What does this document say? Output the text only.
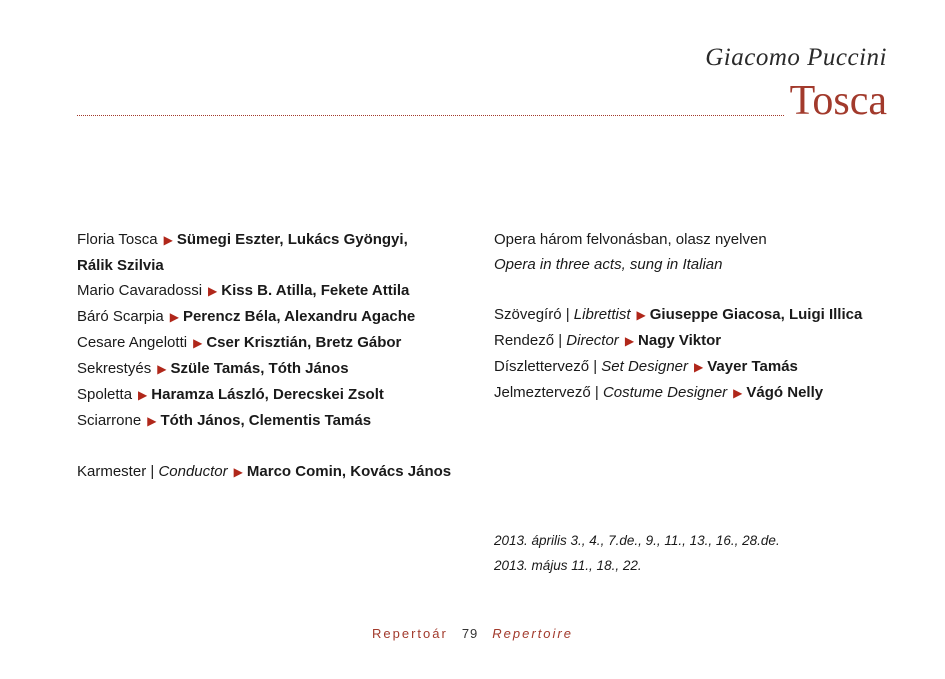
Giacomo Puccini
Tosca
Floria Tosca ▶ Sümegi Eszter, Lukács Gyöngyi,
Rálik Szilvia
Mario Cavaradossi ▶ Kiss B. Atilla, Fekete Attila
Báró Scarpia ▶ Perencz Béla, Alexandru Agache
Cesare Angelotti ▶ Cser Krisztián, Bretz Gábor
Sekrestyés ▶ Szüle Tamás, Tóth János
Spoletta ▶ Haramza László, Derecskei Zsolt
Sciarrone ▶ Tóth János, Clementis Tamás
Karmester | Conductor ▶ Marco Comin, Kovács János
Opera három felvonásban, olasz nyelven
Opera in three acts, sung in Italian
Szövegíró | Librettist ▶ Giuseppe Giacosa, Luigi Illica
Rendező | Director ▶ Nagy Viktor
Díszlettervező | Set Designer ▶ Vayer Tamás
Jelmeztervező | Costume Designer ▶ Vágó Nelly
2013. április 3., 4., 7.de., 9., 11., 13., 16., 28.de.
2013. május 11., 18., 22.
Repertoár 79 Repertoire
